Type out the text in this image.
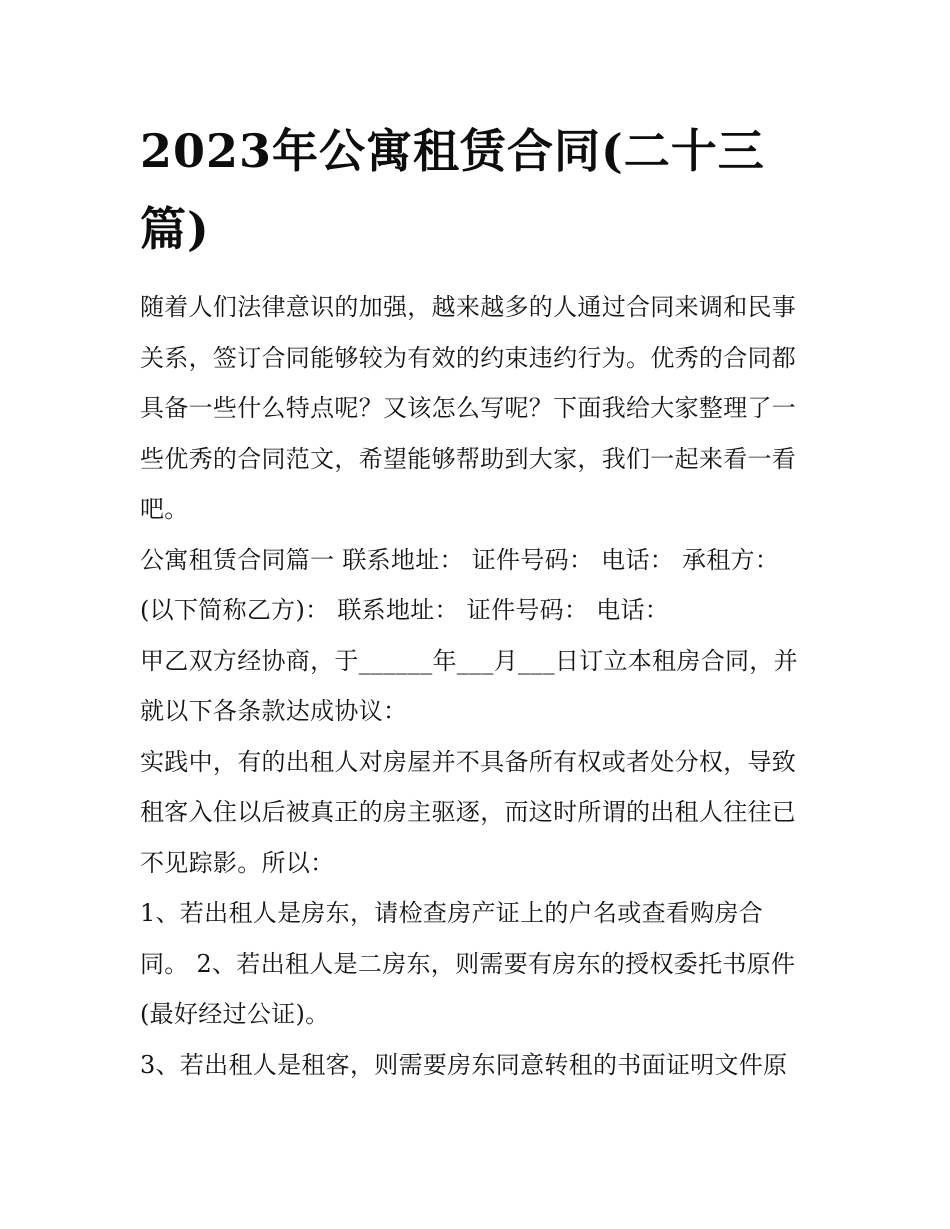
2023年公寓租赁合同(二十三
篇)
随着人们法律意识的加强，越来越多的人通过合同来调和民事
关系，签订合同能够较为有效的约束违约行为。优秀的合同都
具备一些什么特点呢？又该怎么写呢？下面我给大家整理了一
些优秀的合同范文，希望能够帮助到大家，我们一起来看一看
吧。
公寓租赁合同篇一 联系地址： 证件号码： 电话： 承租方：
(以下简称乙方)： 联系地址： 证件号码： 电话：
甲乙双方经协商，于______年___月___日订立本租房合同，并
就以下各条款达成协议：
实践中，有的出租人对房屋并不具备所有权或者处分权，导致
租客入住以后被真正的房主驱逐，而这时所谓的出租人往往已
不见踪影。所以：
1、若出租人是房东，请检查房产证上的户名或查看购房合
同。 2、若出租人是二房东，则需要有房东的授权委托书原件
(最好经过公证)。
3、若出租人是租客，则需要房东同意转租的书面证明文件原
